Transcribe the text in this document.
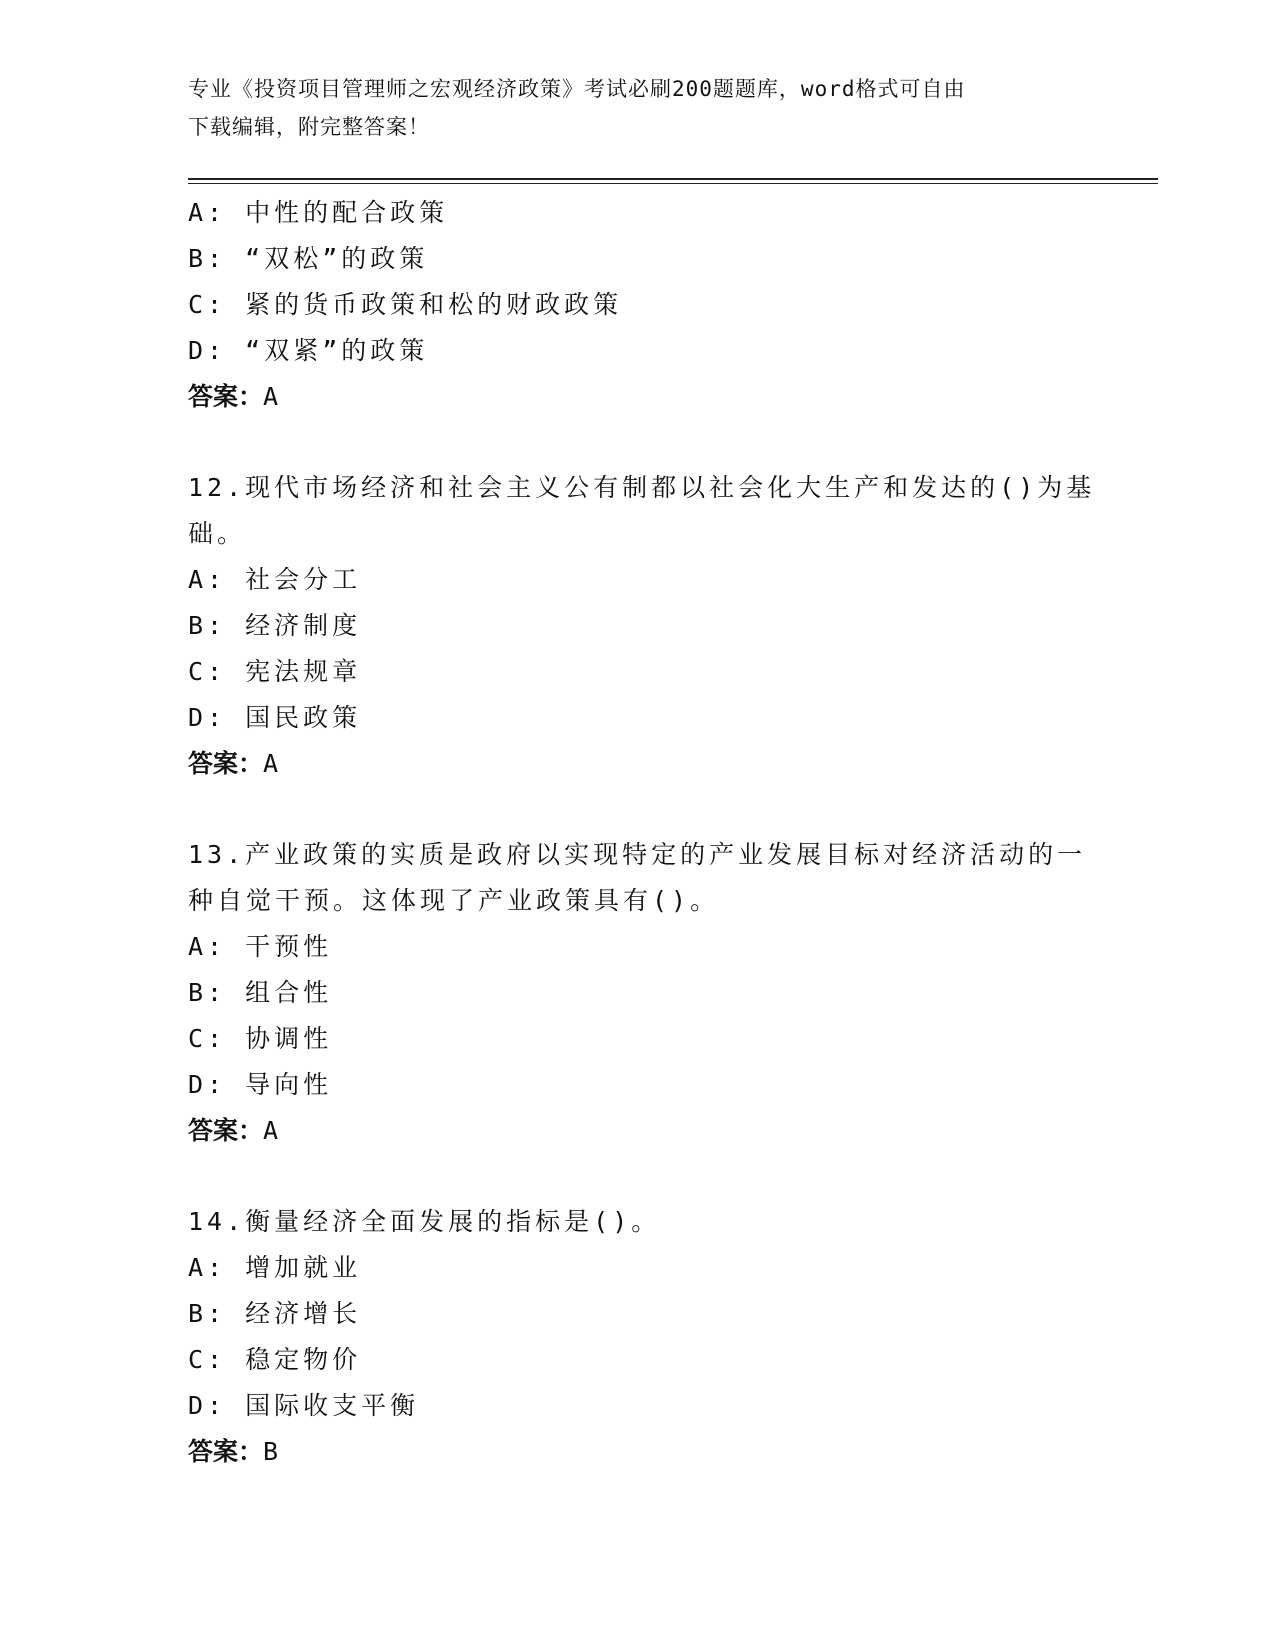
专业《投资项目管理师之宏观经济政策》考试必刷200题题库，word格式可自由
下载编辑，附完整答案！
A: 中性的配合政策
B: “双松”的政策
C: 紧的货币政策和松的财政政策
D: “双紧”的政策
答案：A
12.现代市场经济和社会主义公有制都以社会化大生产和发达的()为基
础。
A: 社会分工
B: 经济制度
C: 宪法规章
D: 国民政策
答案：A
13.产业政策的实质是政府以实现特定的产业发展目标对经济活动的一
种自觉干预。这体现了产业政策具有()。
A: 干预性
B: 组合性
C: 协调性
D: 导向性
答案：A
14.衡量经济全面发展的指标是()。
A: 增加就业
B: 经济增长
C: 稳定物价
D: 国际收支平衡
答案：B
